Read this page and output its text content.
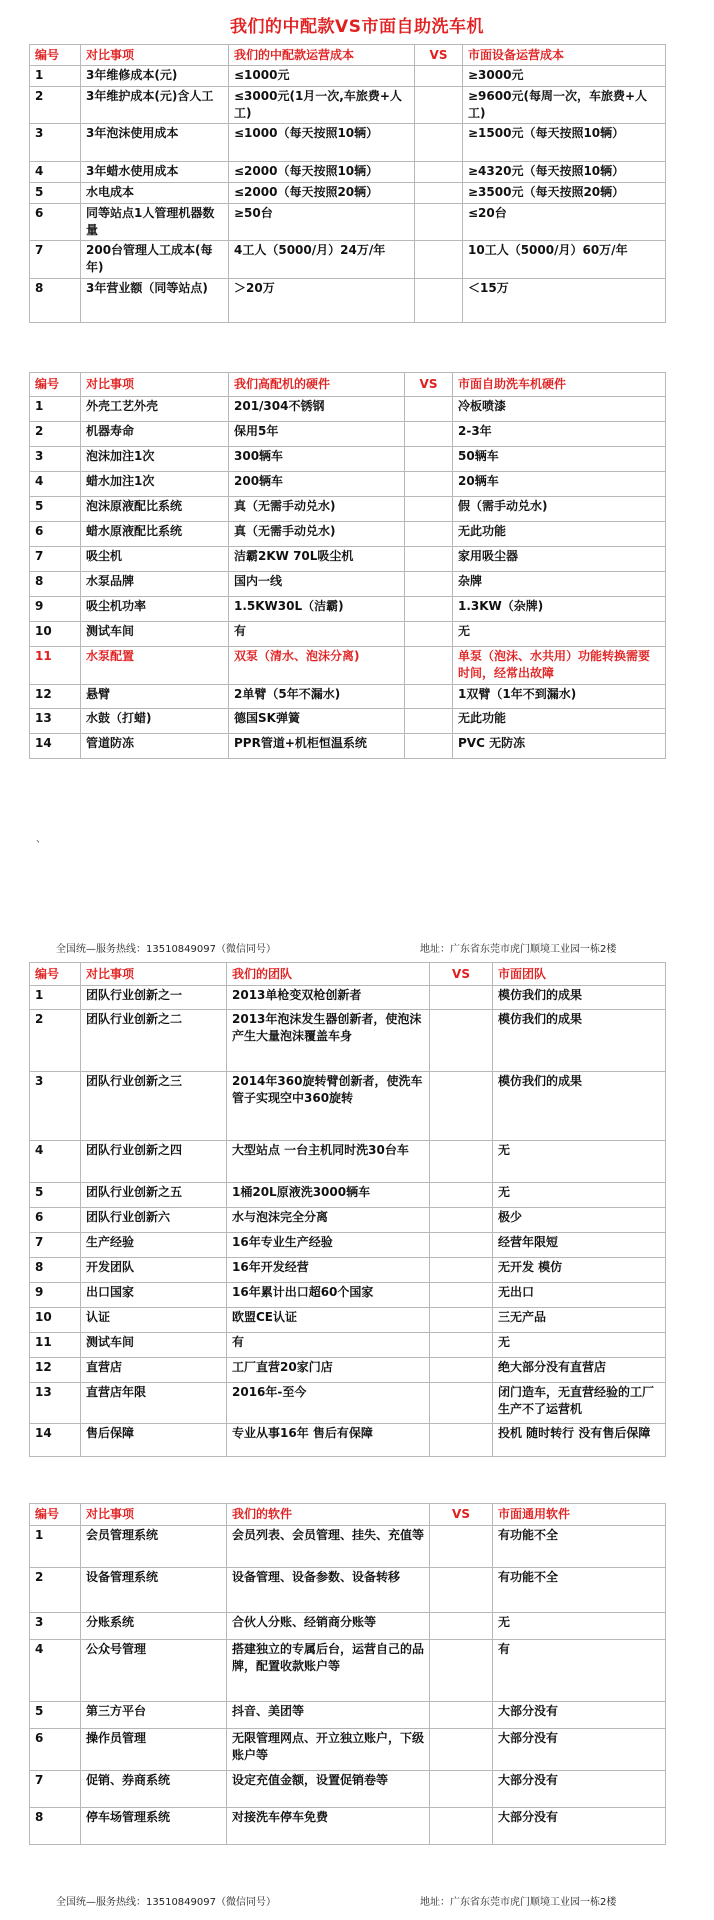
我们的中配款VS市面自助洗车机
编号	对比事项	我们的中配款运营成本	VS	市面设备运营成本
1	3年维修成本(元)	≤1000元		≥3000元
2	3年维护成本(元)含人工	≤3000元(1月一次,车旅费+人工)		≥9600元(每周一次，车旅费+人工)
3	3年泡沫使用成本	≤1000（每天按照10辆）		≥1500元（每天按照10辆）
4	3年蜡水使用成本	≤2000（每天按照10辆）		≥4320元（每天按照10辆）
5	水电成本	≤2000（每天按照20辆）		≥3500元（每天按照20辆）
6	同等站点1人管理机器数量	≥50台		≤20台
7	200台管理人工成本(每年)	4工人（5000/月）24万/年		10工人（5000/月）60万/年
8	3年营业额（同等站点)	＞20万		＜15万
编号	对比事项	我们高配机的硬件	VS	市面自助洗车机硬件
1	外壳工艺外壳	201/304不锈钢		冷板喷漆
2	机器寿命	保用5年		2-3年
3	泡沫加注1次	300辆车		50辆车
4	蜡水加注1次	200辆车		20辆车
5	泡沫原液配比系统	真（无需手动兑水)		假（需手动兑水)
6	蜡水原液配比系统	真（无需手动兑水)		无此功能
7	吸尘机	洁霸2KW 70L吸尘机		家用吸尘器
8	水泵品牌	国内一线		杂牌
9	吸尘机功率	1.5KW30L（洁霸)		1.3KW（杂牌)
10	测试车间	有		无
11	水泵配置	双泵（清水、泡沫分离)		单泵（泡沫、水共用）功能转换需要时间，经常出故障
12	悬臂	2单臂（5年不漏水)		1双臂（1年不到漏水)
13	水鼓（打蜡)	德国SK弹簧		无此功能
14	管道防冻	PPR管道+机柜恒温系统		PVC 无防冻
、
全国统—服务热线：13510849097（微信同号）	地址：广东省东莞市虎门顺境工业园一栋2楼
编号	对比事项	我们的团队	VS	市面团队
1	团队行业创新之一	2013单枪变双枪创新者		模仿我们的成果
2	团队行业创新之二	2013年泡沫发生器创新者，使泡沫产生大量泡沫覆盖车身		模仿我们的成果
3	团队行业创新之三	2014年360旋转臂创新者，使洗车管子实现空中360旋转		模仿我们的成果
4	团队行业创新之四	大型站点 一台主机同时洗30台车		无
5	团队行业创新之五	1桶20L原液洗3000辆车		无
6	团队行业创新六	水与泡沫完全分离		极少
7	生产经验	16年专业生产经验		经营年限短
8	开发团队	16年开发经营		无开发 模仿
9	出口国家	16年累计出口超60个国家		无出口
10	认证	欧盟CE认证		三无产品
11	测试车间	有		无
12	直营店	工厂直营20家门店		绝大部分没有直营店
13	直营店年限	2016年-至今		闭门造车，无直营经验的工厂生产不了运营机
14	售后保障	专业从事16年 售后有保障		投机 随时转行 没有售后保障
编号	对比事项	我们的软件	VS	市面通用软件
1	会员管理系统	会员列表、会员管理、挂失、充值等		有功能不全
2	设备管理系统	设备管理、设备参数、设备转移		有功能不全
3	分账系统	合伙人分账、经销商分账等		无
4	公众号管理	搭建独立的专属后台，运营自己的品牌，配置收款账户等		有
5	第三方平台	抖音、美团等		大部分没有
6	操作员管理	无限管理网点、开立独立账户，下级账户等		大部分没有
7	促销、券商系统	设定充值金额，设置促销卷等		大部分没有
8	停车场管理系统	对接洗车停车免费		大部分没有
全国统—服务热线：13510849097（微信同号）	地址：广东省东莞市虎门顺境工业园一栋2楼
